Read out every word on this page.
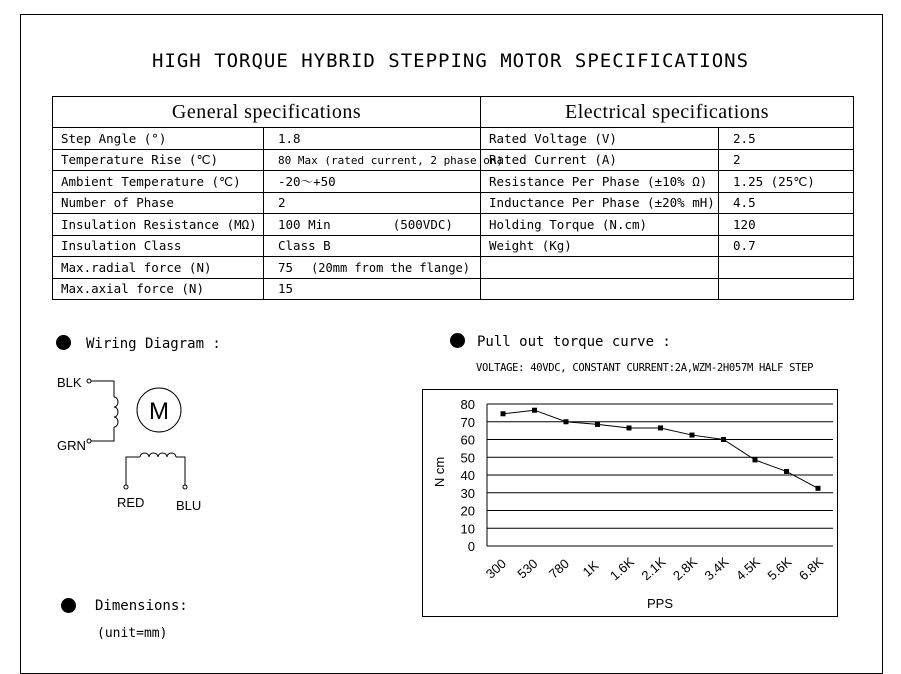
HIGH TORQUE HYBRID STEPPING MOTOR SPECIFICATIONS
General specifications		Electrical specifications	
Step Angle (°)	1.8	Rated Voltage (V)	2.5
Temperature Rise (℃)	80 Max (rated current, 2 phase on)	Rated Current (A)	2
Ambient Temperature (℃)	-20～+50	Resistance Per Phase (±10% Ω)	1.25 (25℃)
Number of Phase	2	Inductance Per Phase (±20% mH)	4.5
Insulation Resistance (MΩ)	100 Min (500VDC)	Holding Torque (N.cm)	120
Insulation Class	Class B	Weight (Kg)	0.7
Max.radial force (N)	75 (20mm from the flange)		
Max.axial force (N)	15		
Wiring Diagram :
BLK
GRN
M
RED BLU
Pull out torque curve :
VOLTAGE: 40VDC, CONSTANT CURRENT:2A,WZM-2H057M HALF STEP
0
10
20
30
40
50
60
70
80
300 530 780 1K 1.6K 2.1K 2.8K 3.4K 4.5K 5.6K 6.8K
PPS
N cm
Dimensions:
(unit=mm)
